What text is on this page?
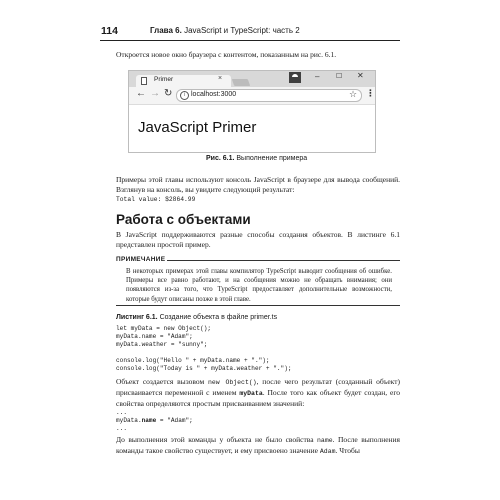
114	Глава 6. JavaScript и TypeScript: часть 2

Откроется новое окно браузера с контентом, показанным на рис. 6.1.

Primer	×	– ☐ ✕
← → ↻	i localhost:3000	☆ ⋮
JavaScript Primer
Рис. 6.1. Выполнение примера

Примеры этой главы используют консоль JavaScript в браузере для вывода сообщений. Взглянув на консоль, вы увидите следующий результат:

Total value: $2864.99
Работа с объектами

В JavaScript поддерживаются разные способы создания объектов. В листинге 6.1 представлен простой пример.

ПРИМЕЧАНИЕ

В некоторых примерах этой главы компилятор TypeScript выводит сообщения об ошибке. Примеры все равно работают, и на сообщения можно не обращать внимания; они появляются из-за того, что TypeScript предоставляет дополнительные возможности, которые будут описаны позже в этой главе.

Листинг 6.1. Создание объекта в файле primer.ts
let myData = new Object();
myData.name = "Adam";
myData.weather = "sunny";

console.log("Hello " + myData.name + ".");
console.log("Today is " + myData.weather + ".");

Объект создается вызовом new Object(), после чего результат (созданный объект) присваивается переменной с именем myData. После того как объект будет создан, его свойства определяются простым присваиванием значений:

...
myData.name = "Adam";
...

До выполнения этой команды у объекта не было свойства name. После выполнения команды такое свойство существует, и ему присвоено значение Adam. Чтобы
